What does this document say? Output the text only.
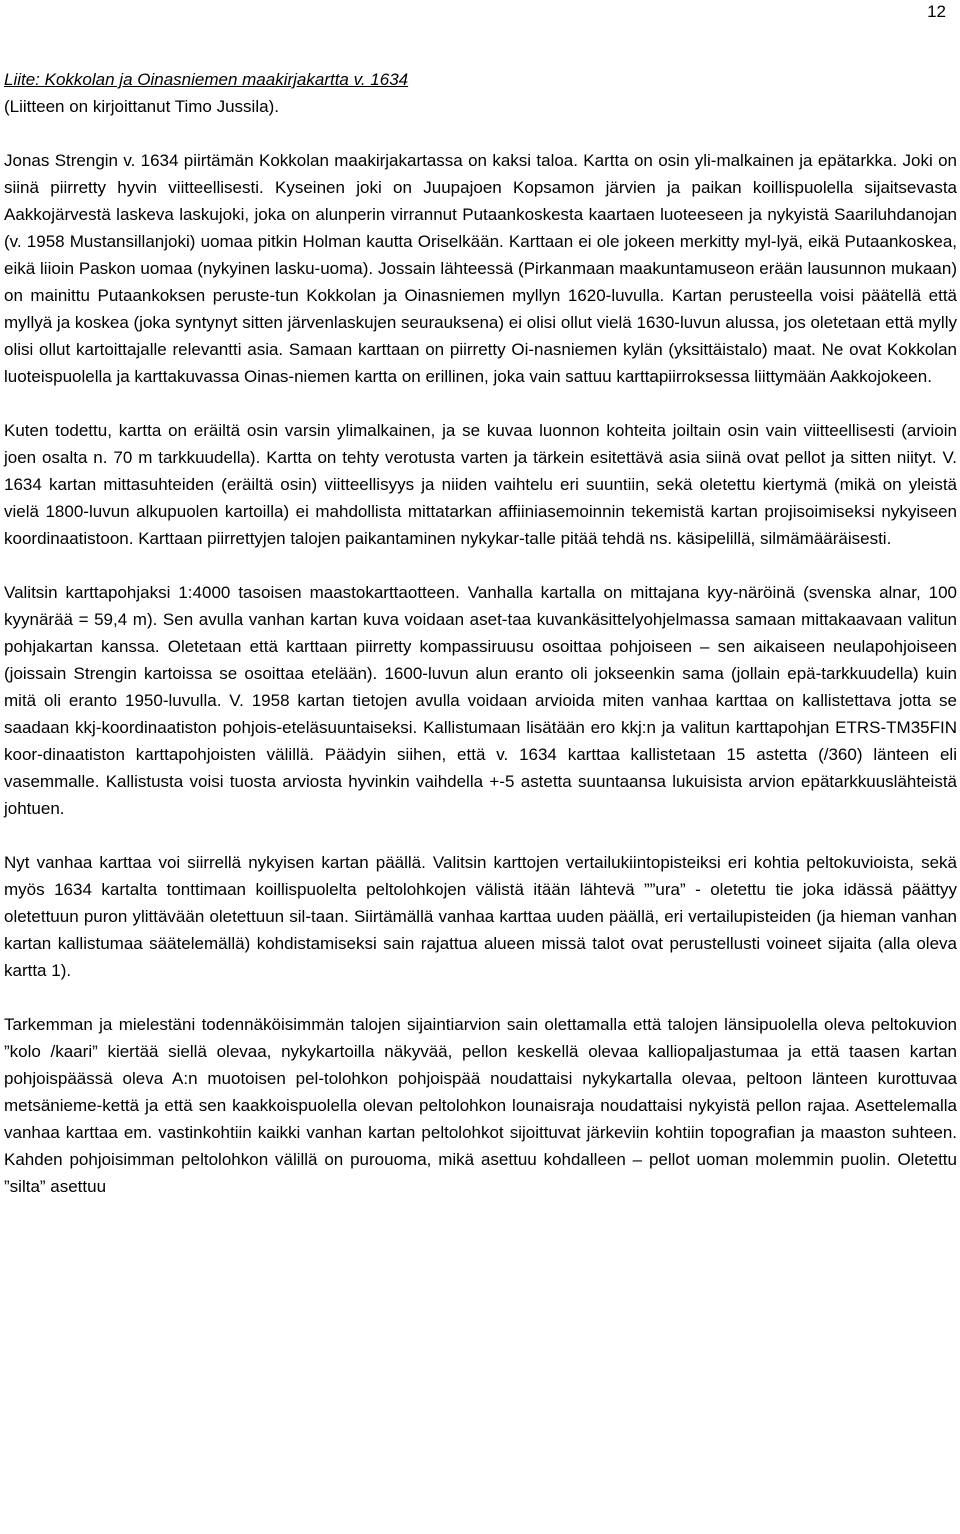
12

Liite: Kokkolan ja Oinasniemen maakirjakartta v. 1634

(Liitteen on kirjoittanut Timo Jussila).

Jonas Strengin v. 1634 piirtämän Kokkolan maakirjakartassa on kaksi taloa. Kartta on osin yli-malkainen ja epätarkka. Joki on siinä piirretty hyvin viitteellisesti. Kyseinen joki on Juupajoen Kopsamon järvien ja paikan koillispuolella sijaitsevasta Aakkojärvestä laskeva laskujoki, joka on alunperin virrannut Putaankoskesta kaartaen luoteeseen ja nykyistä Saariluhdanojan (v. 1958 Mustansillanjoki) uomaa pitkin Holman kautta Oriselkään. Karttaan ei ole jokeen merkitty myl-lyä, eikä Putaankoskea, eikä liioin Paskon uomaa (nykyinen lasku-uoma). Jossain lähteessä (Pirkanmaan maakuntamuseon erään lausunnon mukaan) on mainittu Putaankoksen peruste-tun Kokkolan ja Oinasniemen myllyn 1620-luvulla. Kartan perusteella voisi päätellä että myllyä ja koskea (joka syntynyt sitten järvenlaskujen seurauksena) ei olisi ollut vielä 1630-luvun alussa, jos oletetaan että mylly olisi ollut kartoittajalle relevantti asia. Samaan karttaan on piirretty Oi-nasniemen kylän (yksittäistalo) maat. Ne ovat Kokkolan luoteispuolella ja karttakuvassa Oinas-niemen kartta on erillinen, joka vain sattuu karttapiirroksessa liittymään Aakkojokeen.

Kuten todettu, kartta on eräiltä osin varsin ylimalkainen, ja se kuvaa luonnon kohteita joiltain osin vain viitteellisesti (arvioin joen osalta n. 70 m tarkkuudella). Kartta on tehty verotusta varten ja tärkein esitettävä asia siinä ovat pellot ja sitten niityt. V. 1634 kartan mittasuhteiden (eräiltä osin) viitteellisyys ja niiden vaihtelu eri suuntiin, sekä oletettu kiertymä (mikä on yleistä vielä 1800-luvun alkupuolen kartoilla) ei mahdollista mittatarkan affiiniasemoinnin tekemistä kartan projisoimiseksi nykyiseen koordinaatistoon. Karttaan piirrettyjen talojen paikantaminen nykykar-talle pitää tehdä ns. käsipelillä, silmämääräisesti.

Valitsin karttapohjaksi 1:4000 tasoisen maastokarttaotteen. Vanhalla kartalla on mittajana kyy-näröinä (svenska alnar, 100 kyynärää = 59,4 m). Sen avulla vanhan kartan kuva voidaan aset-taa kuvankäsittelyohjelmassa samaan mittakaavaan valitun pohjakartan kanssa. Oletetaan että karttaan piirretty kompassiruusu osoittaa pohjoiseen – sen aikaiseen neulapohjoiseen (joissain Strengin kartoissa se osoittaa etelään). 1600-luvun alun eranto oli jokseenkin sama (jollain epä-tarkkuudella) kuin mitä oli eranto 1950-luvulla. V. 1958 kartan tietojen avulla voidaan arvioida miten vanhaa karttaa on kallistettava jotta se saadaan kkj-koordinaatiston pohjois-eteläsuuntaiseksi. Kallistumaan lisätään ero kkj:n ja valitun karttapohjan ETRS-TM35FIN koor-dinaatiston karttapohjoisten välillä. Päädyin siihen, että v. 1634 karttaa kallistetaan 15 astetta (/360) länteen eli vasemmalle. Kallistusta voisi tuosta arviosta hyvinkin vaihdella +-5 astetta suuntaansa lukuisista arvion epätarkkuuslähteistä johtuen.

Nyt vanhaa karttaa voi siirrellä nykyisen kartan päällä. Valitsin karttojen vertailukiintopisteiksi eri kohtia peltokuvioista, sekä myös 1634 kartalta tonttimaan koillispuolelta peltolohkojen välistä itään lähtevä ””ura” - oletettu tie joka idässä päättyy oletettuun puron ylittävään oletettuun sil-taan. Siirtämällä vanhaa karttaa uuden päällä, eri vertailupisteiden (ja hieman vanhan kartan kallistumaa säätelemällä) kohdistamiseksi sain rajattua alueen missä talot ovat perustellusti voineet sijaita (alla oleva kartta 1).

Tarkemman ja mielestäni todennäköisimmän talojen sijaintiarvion sain olettamalla että talojen länsipuolella oleva peltokuvion ”kolo /kaari” kiertää siellä olevaa, nykykartoilla näkyvää, pellon keskellä olevaa kalliopaljastumaa ja että taasen kartan pohjoispäässä oleva A:n muotoisen pel-tolohkon pohjoispää noudattaisi nykykartalla olevaa, peltoon länteen kurottuvaa metsänieme-kettä ja että sen kaakkoispuolella olevan peltolohkon lounaisraja noudattaisi nykyistä pellon rajaa. Asettelemalla vanhaa karttaa em. vastinkohtiin kaikki vanhan kartan peltolohkot sijoittuvat järkeviin kohtiin topografian ja maaston suhteen. Kahden pohjoisimman peltolohkon välillä on purouoma, mikä asettuu kohdalleen – pellot uoman molemmin puolin. Oletettu ”silta” asettuu
